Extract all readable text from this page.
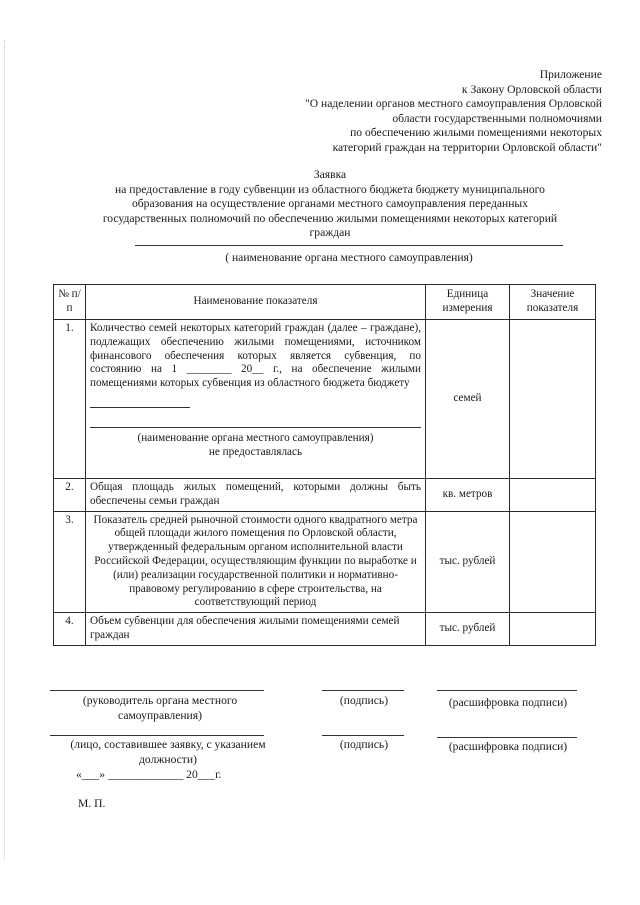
Приложение
к Закону Орловской области
"О наделении органов местного самоуправления Орловской
области государственными полномочиями
по обеспечению жилыми помещениями некоторых
категорий граждан на территории Орловской области"
Заявка
на предоставление в году субвенции из областного бюджета бюджету муниципального
образования на осуществление органами местного самоуправления переданных
государственных полномочий по обеспечению жилыми помещениями некоторых категорий
граждан
( наименование органа местного самоуправления)
№ п/п	Наименование показателя	Единица измерения	Значение показателя
1.	Количество семей некоторых категорий граждан (далее – граждане), подлежащих обеспечению жилыми помещениями, источником финансового обеспечения которых является субвенция, по состоянию на 1 ________ 20__ г., на обеспечение жилыми помещениями которых субвенция из областного бюджета бюджету
(наименование органа местного самоуправления)
не предоставлялась	семей	
2.	Общая площадь жилых помещений, которыми должны быть обеспечены семьи граждан	кв. метров	
3.	Показатель средней рыночной стоимости одного квадратного метра общей площади жилого помещения по Орловской области, утвержденный федеральным органом исполнительной власти Российской Федерации, осуществляющим функции по выработке и (или) реализации государственной политики и нормативно-правовому регулированию в сфере строительства, на соответствующий период	тыс. рублей	
4.	Объем субвенции для обеспечения жилыми помещениями семей граждан	тыс. рублей	
(руководитель органа местного самоуправления)
(подпись)	(расшифровка подписи)
(лицо, составившее заявку, с указанием должности)
(подпись)	(расшифровка подписи)
«___» _____________ 20___г.
М. П.
